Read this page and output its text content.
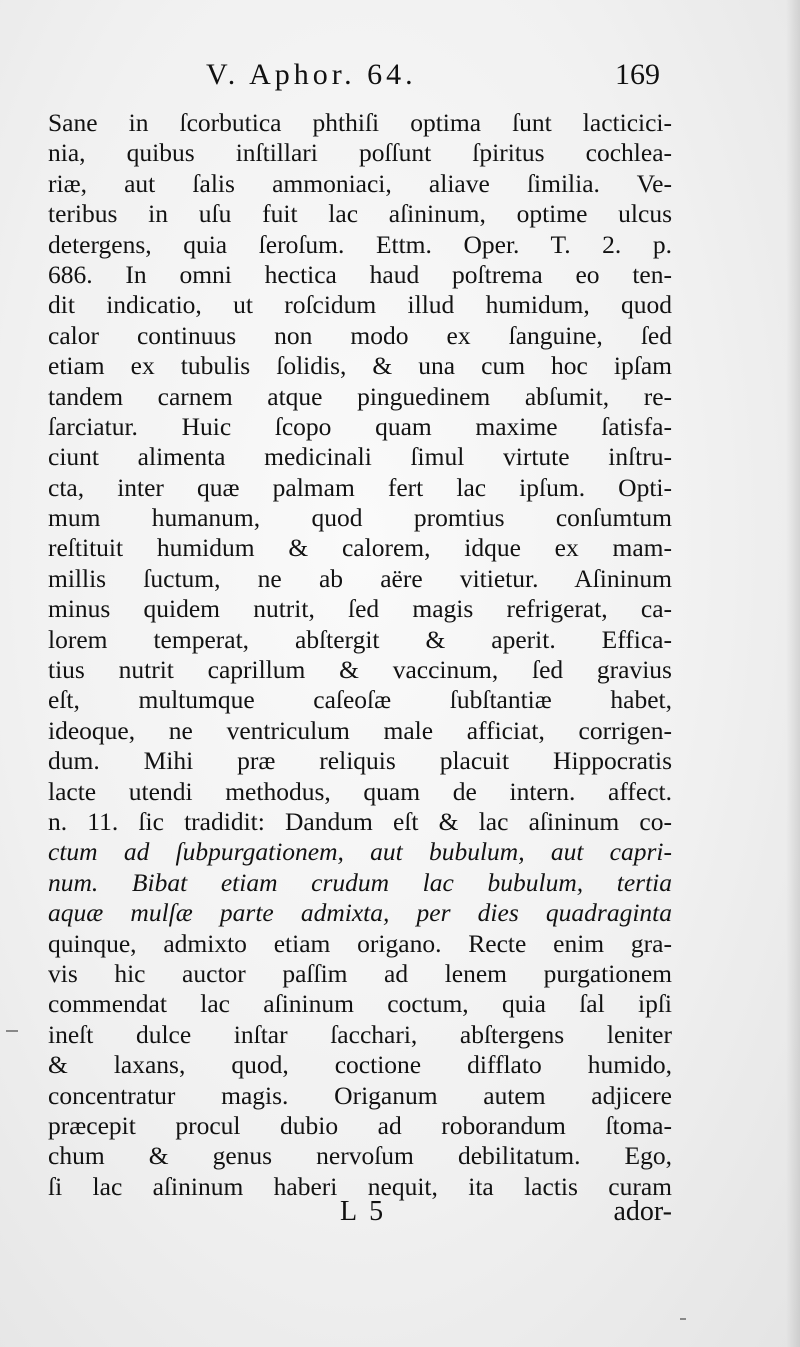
V. Aphor. 64.	169
Sane in ſcorbutica phthiſi optima ſunt lacticici-
nia, quibus inſtillari poſſunt ſpiritus cochlea-
riæ, aut ſalis ammoniaci, aliave ſimilia. Ve-
teribus in uſu fuit lac aſininum, optime ulcus
detergens, quia ſeroſum. Ettm. Oper. T. 2. p.
686. In omni hectica haud poſtrema eo ten-
dit indicatio, ut roſcidum illud humidum, quod
calor continuus non modo ex ſanguine, ſed
etiam ex tubulis ſolidis, & una cum hoc ipſam
tandem carnem atque pinguedinem abſumit, re-
ſarciatur. Huic ſcopo quam maxime ſatisfa-
ciunt alimenta medicinali ſimul virtute inſtru-
cta, inter quæ palmam fert lac ipſum. Opti-
mum humanum, quod promtius conſumtum
reſtituit humidum & calorem, idque ex mam-
millis ſuctum, ne ab aëre vitietur. Aſininum
minus quidem nutrit, ſed magis refrigerat, ca-
lorem temperat, abſtergit & aperit. Effica-
tius nutrit caprillum & vaccinum, ſed gravius
eſt, multumque caſeoſæ ſubſtantiæ habet,
ideoque, ne ventriculum male afficiat, corrigen-
dum. Mihi præ reliquis placuit Hippocratis
lacte utendi methodus, quam de intern. affect.
n. 11. ſic tradidit: Dandum eſt & lac aſininum co-
ctum ad ſubpurgationem, aut bubulum, aut capri-
num. Bibat etiam crudum lac bubulum, tertia
aquæ mulſæ parte admixta, per dies quadraginta
quinque, admixto etiam origano. Recte enim gra-
vis hic auctor paſſim ad lenem purgationem
commendat lac aſininum coctum, quia ſal ipſi
ineſt dulce inſtar ſacchari, abſtergens leniter
& laxans, quod, coctione difflato humido,
concentratur magis. Origanum autem adjicere
præcepit procul dubio ad roborandum ſtoma-
chum & genus nervoſum debilitatum. Ego,
ſi lac aſininum haberi nequit, ita lactis curam
L 5	ador-
